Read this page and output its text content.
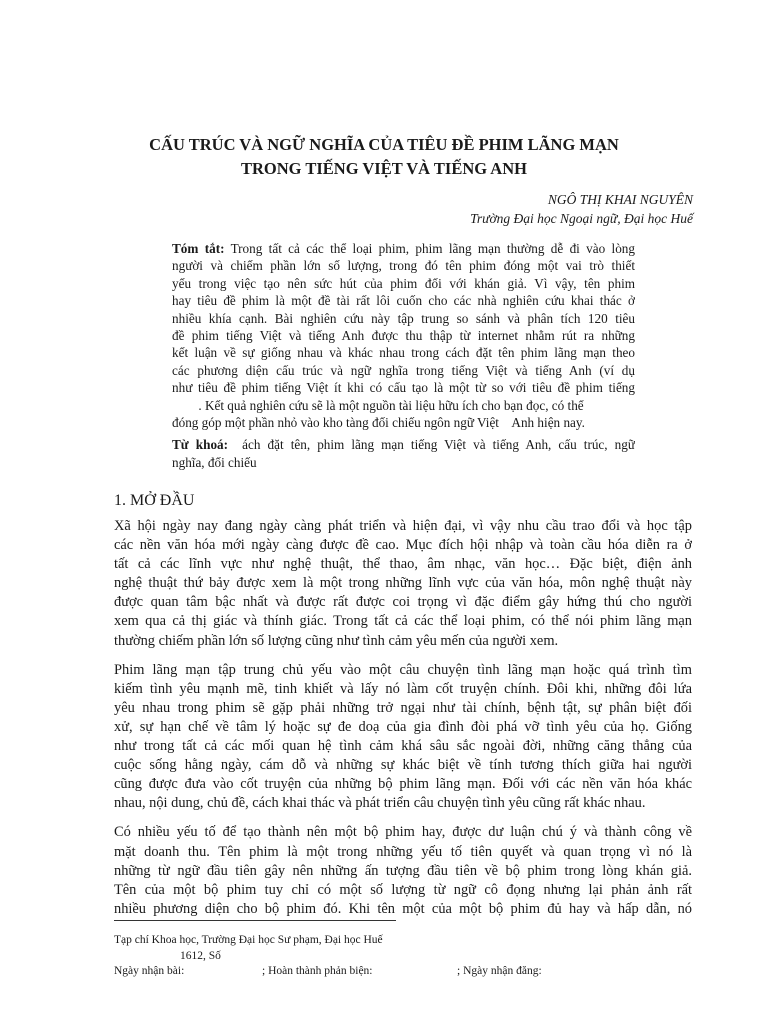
CẤU TRÚC VÀ NGỮ NGHĨA CỦA TIÊU ĐỀ PHIM LÃNG MẠN
TRONG TIẾNG VIỆT VÀ TIẾNG ANH
NGÔ THỊ KHAI NGUYÊN
Trường Đại học Ngoại ngữ, Đại học Huế
Tóm tắt: Trong tất cả các thể loại phim, phim lãng mạn thường dễ đi vào lòng
người và chiếm phần lớn số lượng, trong đó tên phim đóng một vai trò thiết
yếu trong việc tạo nên sức hút của phim đối với khán giả. Vì vậy, tên phim
hay tiêu đề phim là một đề tài rất lôi cuốn cho các nhà nghiên cứu khai thác ở
nhiều khía cạnh. Bài nghiên cứu này tập trung so sánh và phân tích 120 tiêu
đề phim tiếng Việt và tiếng Anh được thu thập từ internet nhằm rút ra những
kết luận về sự giống nhau và khác nhau trong cách đặt tên phim lãng mạn theo
các phương diện cấu trúc và ngữ nghĩa trong tiếng Việt và tiếng Anh (ví dụ
như tiêu đề phim tiếng Việt ít khi có cấu tạo là một từ so với tiêu đề phim tiếng
. Kết quả nghiên cứu sẽ là một nguồn tài liệu hữu ích cho bạn đọc, có thể
đóng góp một phần nhỏ vào kho tàng đối chiếu ngôn ngữ Việt    Anh hiện nay.
Từ khoá:  ách đặt tên, phim lãng mạn tiếng Việt và tiếng Anh, cấu trúc, ngữ
nghĩa, đối chiếu
1. MỞ ĐẦU

Xã hội ngày nay đang ngày càng phát triển và hiện đại, vì vậy nhu cầu trao đổi và học tập
các nền văn hóa mới ngày càng được đề cao. Mục đích hội nhập và toàn cầu hóa diễn ra ở
tất cả các lĩnh vực như nghệ thuật, thể thao, âm nhạc, văn học… Đặc biệt, điện ảnh
nghệ thuật thứ bảy được xem là một trong những lĩnh vực của văn hóa, môn nghệ thuật này
được quan tâm bậc nhất và được rất được coi trọng vì đặc điểm gây hứng thú cho người
xem qua cả thị giác và thính giác. Trong tất cả các thể loại phim, có thể nói phim lãng mạn
thường chiếm phần lớn số lượng cũng như tình cảm yêu mến của người xem.

Phim lãng mạn tập trung chủ yếu vào một câu chuyện tình lãng mạn hoặc quá trình tìm
kiếm tình yêu mạnh mẽ, tinh khiết và lấy nó làm cốt truyện chính. Đôi khi, những đôi lứa
yêu nhau trong phim sẽ gặp phải những trở ngại như tài chính, bệnh tật, sự phân biệt đối
xử, sự hạn chế về tâm lý hoặc sự đe doạ của gia đình đòi phá vỡ tình yêu của họ. Giống
như trong tất cả các mối quan hệ tình cảm khá sâu sắc ngoài đời, những căng thẳng của
cuộc sống hằng ngày, cám dỗ và những sự khác biệt về tính tương thích giữa hai người
cũng được đưa vào cốt truyện của những bộ phim lãng mạn. Đối với các nền văn hóa khác
nhau, nội dung, chủ đề, cách khai thác và phát triển câu chuyện tình yêu cũng rất khác nhau.

Có nhiều yếu tố để tạo thành nên một bộ phim hay, được dư luận chú ý và thành công về
mặt doanh thu. Tên phim là một trong những yếu tố tiên quyết và quan trọng vì nó là
những từ ngữ đầu tiên gây nên những ấn tượng đầu tiên về bộ phim trong lòng khán giả.
Tên của một bộ phim tuy chỉ có một số lượng từ ngữ cô đọng nhưng lại phản ảnh rất
nhiều phương diện cho bộ phim đó. Khi tên một của một bộ phim đủ hay và hấp dẫn, nó

Tạp chí Khoa học, Trường Đại học Sư phạm, Đại học Huế
1612, Số
Ngày nhận bài:	; Hoàn thành phản biện:	; Ngày nhận đăng:
